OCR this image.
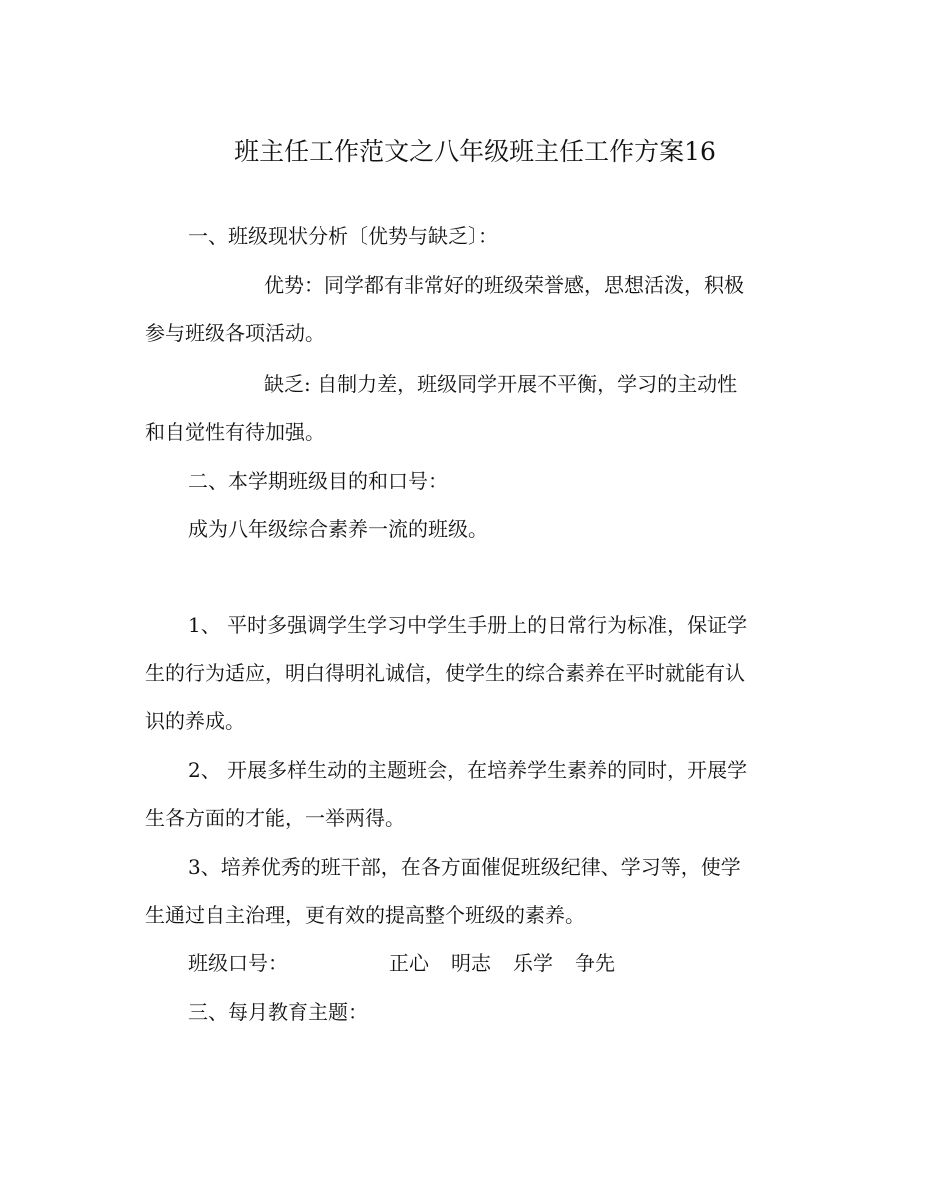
班主任工作范文之八年级班主任工作方案16
一、班级现状分析〔优势与缺乏〕：
优势：同学都有非常好的班级荣誉感，思想活泼，积极
参与班级各项活动。
缺乏: 自制力差，班级同学开展不平衡，学习的主动性
和自觉性有待加强。
二、本学期班级目的和口号：
成为八年级综合素养一流的班级。
1、 平时多强调学生学习中学生手册上的日常行为标准，保证学
生的行为适应，明白得明礼诚信，使学生的综合素养在平时就能有认
识的养成。
2、 开展多样生动的主题班会，在培养学生素养的同时，开展学
生各方面的才能，一举两得。
3、培养优秀的班干部，在各方面催促班级纪律、学习等，使学
生通过自主治理，更有效的提高整个班级的素养。
班级口号：	正心 明志 乐学 争先
三、每月教育主题：
